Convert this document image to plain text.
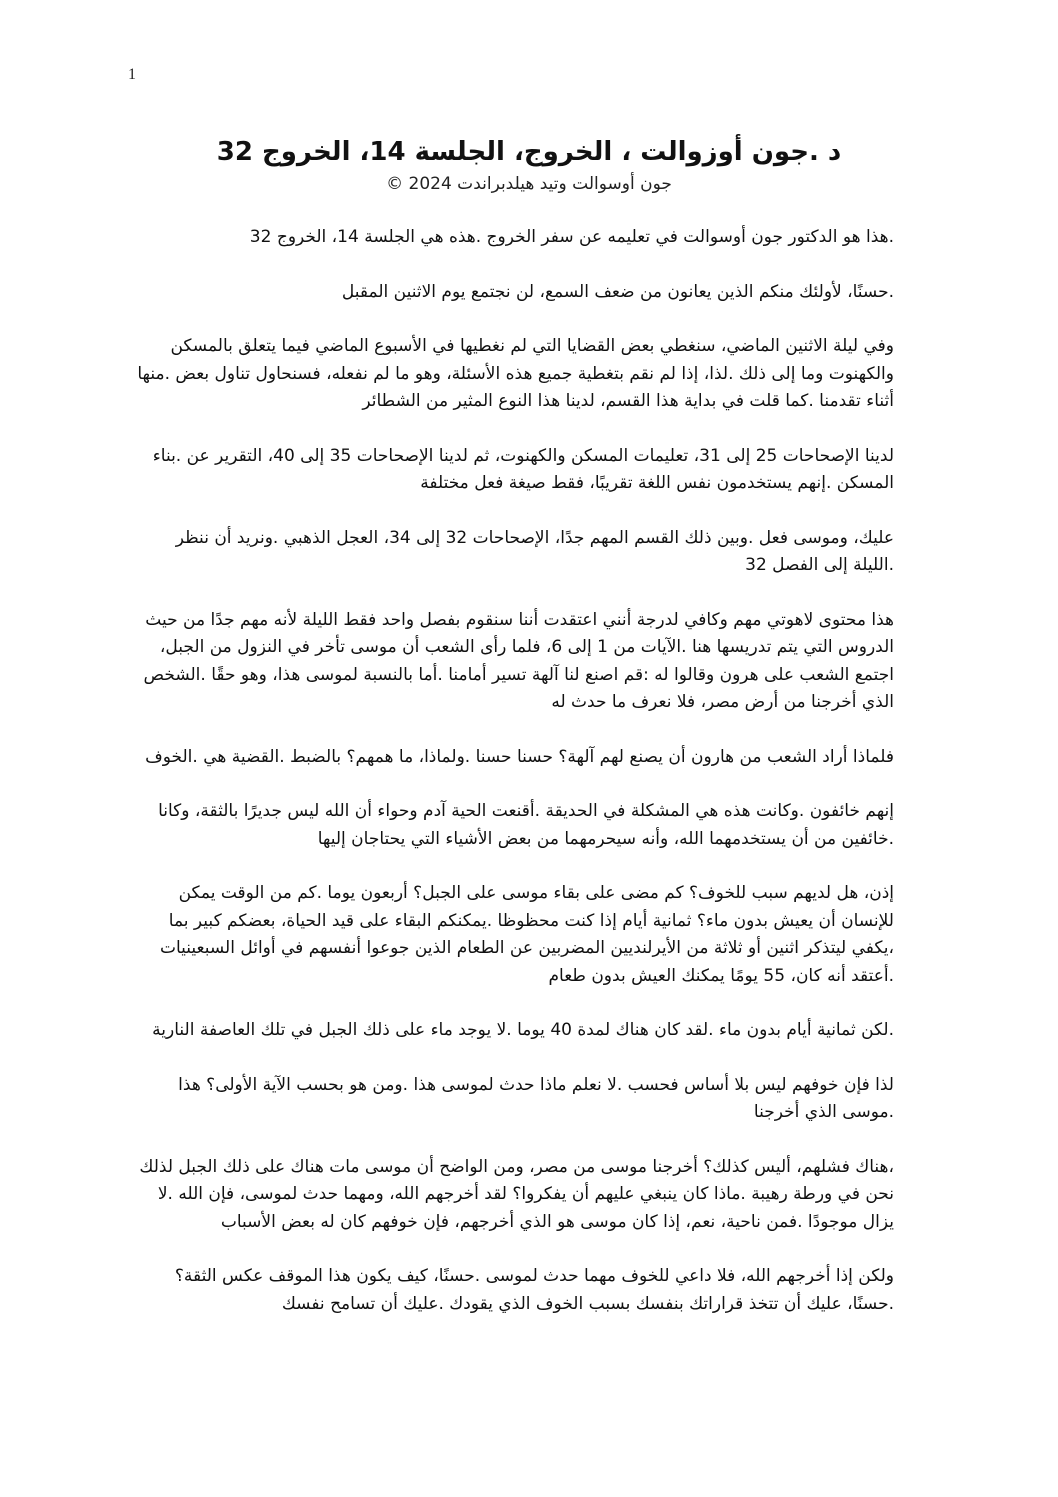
1
د .جون أوزوالت ، الخروج، الجلسة 14، الخروج 32

جون أوسوالت وتيد هيلدبراندت 2024 ©

.هذا هو الدكتور جون أوسوالت في تعليمه عن سفر الخروج .هذه هي الجلسة 14، الخروج 32

.حسنًا، لأولئك منكم الذين يعانون من ضعف السمع، لن نجتمع يوم الاثنين المقبل

وفي ليلة الاثنين الماضي، سنغطي بعض القضايا التي لم نغطيها في الأسبوع الماضي فيما يتعلق بالمسكن والكهنوت وما إلى ذلك .لذا، إذا لم نقم بتغطية جميع هذه الأسئلة، وهو ما لم نفعله، فسنحاول تناول بعض .منها أثناء تقدمنا .كما قلت في بداية هذا القسم، لدينا هذا النوع المثير من الشطائر

لدينا الإصحاحات 25 إلى 31، تعليمات المسكن والكهنوت، ثم لدينا الإصحاحات 35 إلى 40، التقرير عن .بناء المسكن .إنهم يستخدمون نفس اللغة تقريبًا، فقط صيغة فعل مختلفة

عليك، وموسى فعل .وبين ذلك القسم المهم جدًا، الإصحاحات 32 إلى 34، العجل الذهبي .ونريد أن ننظر .الليلة إلى الفصل 32

هذا محتوى لاهوتي مهم وكافي لدرجة أنني اعتقدت أننا سنقوم بفصل واحد فقط الليلة لأنه مهم جدًا من حيث الدروس التي يتم تدريسها هنا .الآيات من 1 إلى 6، فلما رأى الشعب أن موسى تأخر في النزول من الجبل، اجتمع الشعب على هرون وقالوا له :قم اصنع لنا آلهة تسير أمامنا .أما بالنسبة لموسى هذا، وهو حقًا .الشخص الذي أخرجنا من أرض مصر، فلا نعرف ما حدث له

فلماذا أراد الشعب من هارون أن يصنع لهم آلهة؟ حسنا حسنا .ولماذا، ما همهم؟ بالضبط .القضية هي .الخوف

إنهم خائفون .وكانت هذه هي المشكلة في الحديقة .أقنعت الحية آدم وحواء أن الله ليس جديرًا بالثقة، وكانا .خائفين من أن يستخدمهما الله، وأنه سيحرمهما من بعض الأشياء التي يحتاجان إليها

إذن، هل لديهم سبب للخوف؟ كم مضى على بقاء موسى على الجبل؟ أربعون يوما .كم من الوقت يمكن للإنسان أن يعيش بدون ماء؟ ثمانية أيام إذا كنت محظوظا .يمكنكم البقاء على قيد الحياة، بعضكم كبير بما ،يكفي ليتذكر اثنين أو ثلاثة من الأيرلنديين المضربين عن الطعام الذين جوعوا أنفسهم في أوائل السبعينيات .أعتقد أنه كان، 55 يومًا يمكنك العيش بدون طعام

.لكن ثمانية أيام بدون ماء .لقد كان هناك لمدة 40 يوما .لا يوجد ماء على ذلك الجبل في تلك العاصفة النارية

لذا فإن خوفهم ليس بلا أساس فحسب .لا نعلم ماذا حدث لموسى هذا .ومن هو بحسب الآية الأولى؟ هذا .موسى الذي أخرجنا

،هناك فشلهم، أليس كذلك؟ أخرجنا موسى من مصر، ومن الواضح أن موسى مات هناك على ذلك الجبل لذلك نحن في ورطة رهيبة .ماذا كان ينبغي عليهم أن يفكروا؟ لقد أخرجهم الله، ومهما حدث لموسى، فإن الله .لا يزال موجودًا .فمن ناحية، نعم، إذا كان موسى هو الذي أخرجهم، فإن خوفهم كان له بعض الأسباب

ولكن إذا أخرجهم الله، فلا داعي للخوف مهما حدث لموسى .حسنًا، كيف يكون هذا الموقف عكس الثقة؟ .حسنًا، عليك أن تتخذ قراراتك بنفسك بسبب الخوف الذي يقودك .عليك أن تسامح نفسك
